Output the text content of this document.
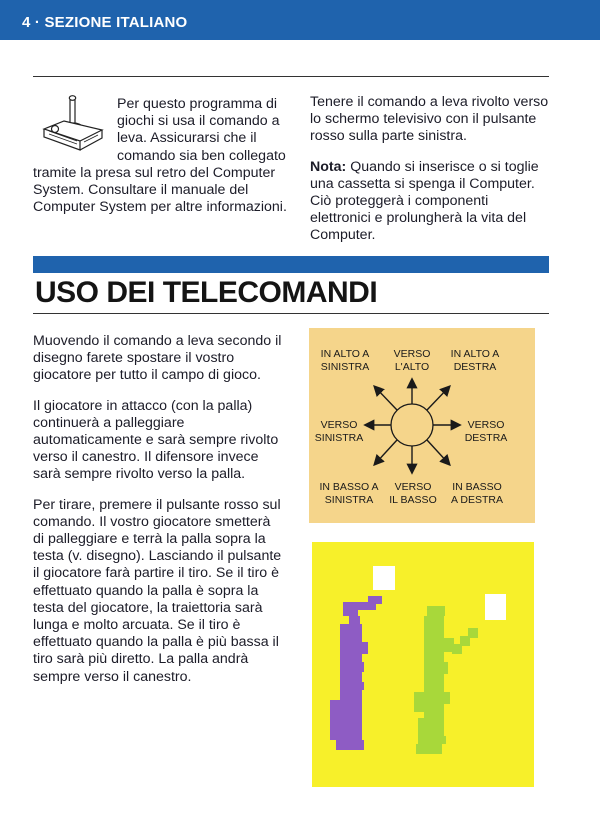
4 · SEZIONE ITALIANO
Per questo programma di giochi si usa il comando a leva. Assicurarsi che il comando sia ben collegato tramite la presa sul retro del Computer System. Consultare il manuale del Computer System per altre informazioni.

Tenere il comando a leva rivolto verso lo schermo televisivo con il pulsante rosso sulla parte sinistra.

Nota: Quando si inserisce o si toglie una cassetta si spenga il Computer. Ciò proteggerà i componenti elettronici e prolungherà la vita del Computer.

USO DEI TELECOMANDI

Muovendo il comando a leva secondo il disegno farete spostare il vostro giocatore per tutto il campo di gioco.

Il giocatore in attacco (con la palla) continuerà a palleggiare automaticamente e sarà sempre rivolto verso il canestro. Il difensore invece sarà sempre rivolto verso la palla.

Per tirare, premere il pulsante rosso sul comando. Il vostro giocatore smetterà di palleggiare e terrà la palla sopra la testa (v. disegno). Lasciando il pulsante il giocatore farà partire il tiro. Se il tiro è effettuato quando la palla è sopra la testa del giocatore, la traiettoria sarà lunga e molto arcuata. Se il tiro è effettuato quando la palla è più bassa il tiro sarà più diretto. La palla andrà sempre verso il canestro.

IN ALTO A
SINISTRA
VERSO
L'ALTO
IN ALTO A
DESTRA
VERSO
SINISTRA
VERSO
DESTRA
IN BASSO A
SINISTRA
VERSO
IL BASSO
IN BASSO
A DESTRA
